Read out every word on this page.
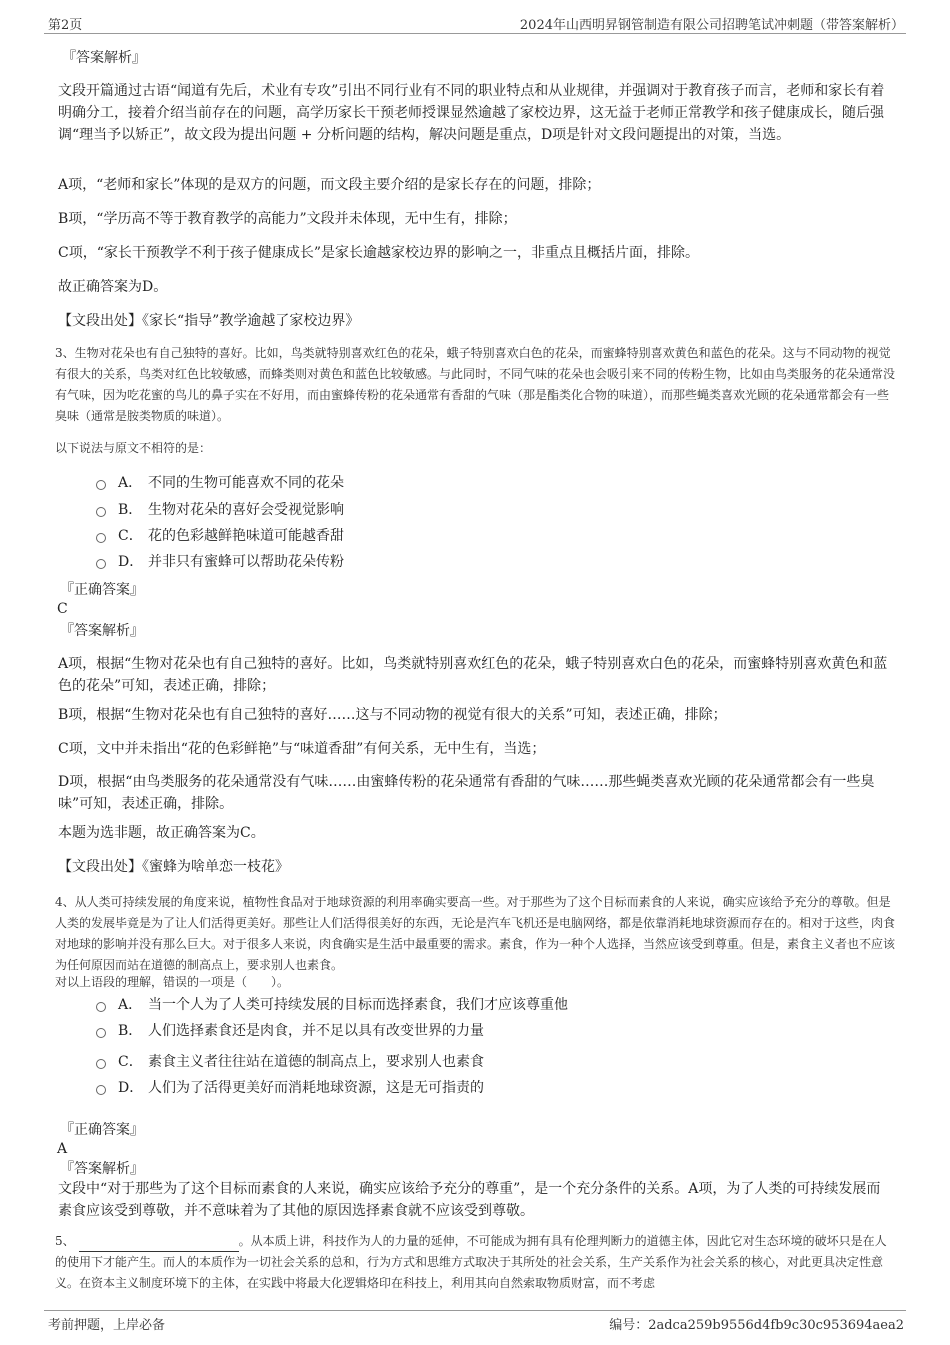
第2页	2024年山西明昇钢管制造有限公司招聘笔试冲刺题（带答案解析）
『答案解析』
文段开篇通过古语“闻道有先后，术业有专攻”引出不同行业有不同的职业特点和从业规律，并强调对于教育孩子而言，老师和家长有着明确分工，接着介绍当前存在的问题，高学历家长干预老师授课显然逾越了家校边界，这无益于老师正常教学和孩子健康成长，随后强调“理当予以矫正”，故文段为提出问题 + 分析问题的结构，解决问题是重点，D项是针对文段问题提出的对策，当选。
A项，“老师和家长”体现的是双方的问题，而文段主要介绍的是家长存在的问题，排除；
B项，“学历高不等于教育教学的高能力”文段并未体现，无中生有，排除；
C项，“家长干预教学不利于孩子健康成长”是家长逾越家校边界的影响之一，非重点且概括片面，排除。
故正确答案为D。
【文段出处】《家长“指导”教学逾越了家校边界》
3、生物对花朵也有自己独特的喜好。比如，鸟类就特别喜欢红色的花朵，蛾子特别喜欢白色的花朵，而蜜蜂特别喜欢黄色和蓝色的花朵。这与不同动物的视觉有很大的关系，鸟类对红色比较敏感，而蜂类则对黄色和蓝色比较敏感。与此同时，不同气味的花朵也会吸引来不同的传粉生物，比如由鸟类服务的花朵通常没有气味，因为吃花蜜的鸟儿的鼻子实在不好用，而由蜜蜂传粉的花朵通常有香甜的气味（那是酯类化合物的味道），而那些蝇类喜欢光顾的花朵通常都会有一些臭味（通常是胺类物质的味道）。
以下说法与原文不相符的是：
A． 不同的生物可能喜欢不同的花朵
B． 生物对花朵的喜好会受视觉影响
C． 花的色彩越鲜艳味道可能越香甜
D． 并非只有蜜蜂可以帮助花朵传粉
『正确答案』
C
『答案解析』
A项，根据“生物对花朵也有自己独特的喜好。比如，鸟类就特别喜欢红色的花朵，蛾子特别喜欢白色的花朵，而蜜蜂特别喜欢黄色和蓝色的花朵”可知，表述正确，排除；
B项，根据“生物对花朵也有自己独特的喜好……这与不同动物的视觉有很大的关系”可知，表述正确，排除；
C项，文中并未指出“花的色彩鲜艳”与“味道香甜”有何关系，无中生有，当选；
D项，根据“由鸟类服务的花朵通常没有气味……由蜜蜂传粉的花朵通常有香甜的气味……那些蝇类喜欢光顾的花朵通常都会有一些臭味”可知，表述正确，排除。
本题为选非题，故正确答案为C。
【文段出处】《蜜蜂为啥单恋一枝花》
4、从人类可持续发展的角度来说，植物性食品对于地球资源的利用率确实要高一些。对于那些为了这个目标而素食的人来说，确实应该给予充分的尊敬。但是人类的发展毕竟是为了让人们活得更美好。那些让人们活得很美好的东西，无论是汽车飞机还是电脑网络，都是依靠消耗地球资源而存在的。相对于这些，肉食对地球的影响并没有那么巨大。对于很多人来说，肉食确实是生活中最重要的需求。素食，作为一种个人选择，当然应该受到尊重。但是，素食主义者也不应该为任何原因而站在道德的制高点上，要求别人也素食。
对以上语段的理解，错误的一项是（　　）。
A． 当一个人为了人类可持续发展的目标而选择素食，我们才应该尊重他
B． 人们选择素食还是肉食，并不足以具有改变世界的力量
C． 素食主义者往往站在道德的制高点上，要求别人也素食
D． 人们为了活得更美好而消耗地球资源，这是无可指责的
『正确答案』
A
『答案解析』
文段中“对于那些为了这个目标而素食的人来说，确实应该给予充分的尊重”，是一个充分条件的关系。A项，为了人类的可持续发展而素食应该受到尊敬，并不意味着为了其他的原因选择素食就不应该受到尊敬。
5、	。从本质上讲，科技作为人的力量的延伸，不可能成为拥有具有伦理判断力的道德主体，因此它对生态环境的破坏只是在人的使用下才能产生。而人的本质作为一切社会关系的总和，行为方式和思维方式取决于其所处的社会关系，生产关系作为社会关系的核心，对此更具决定性意义。在资本主义制度环境下的主体，在实践中将最大化逻辑烙印在科技上，利用其向自然索取物质财富，而不考虑
考前押题，上岸必备	编号：2adca259b9556d4fb9c30c953694aea2
